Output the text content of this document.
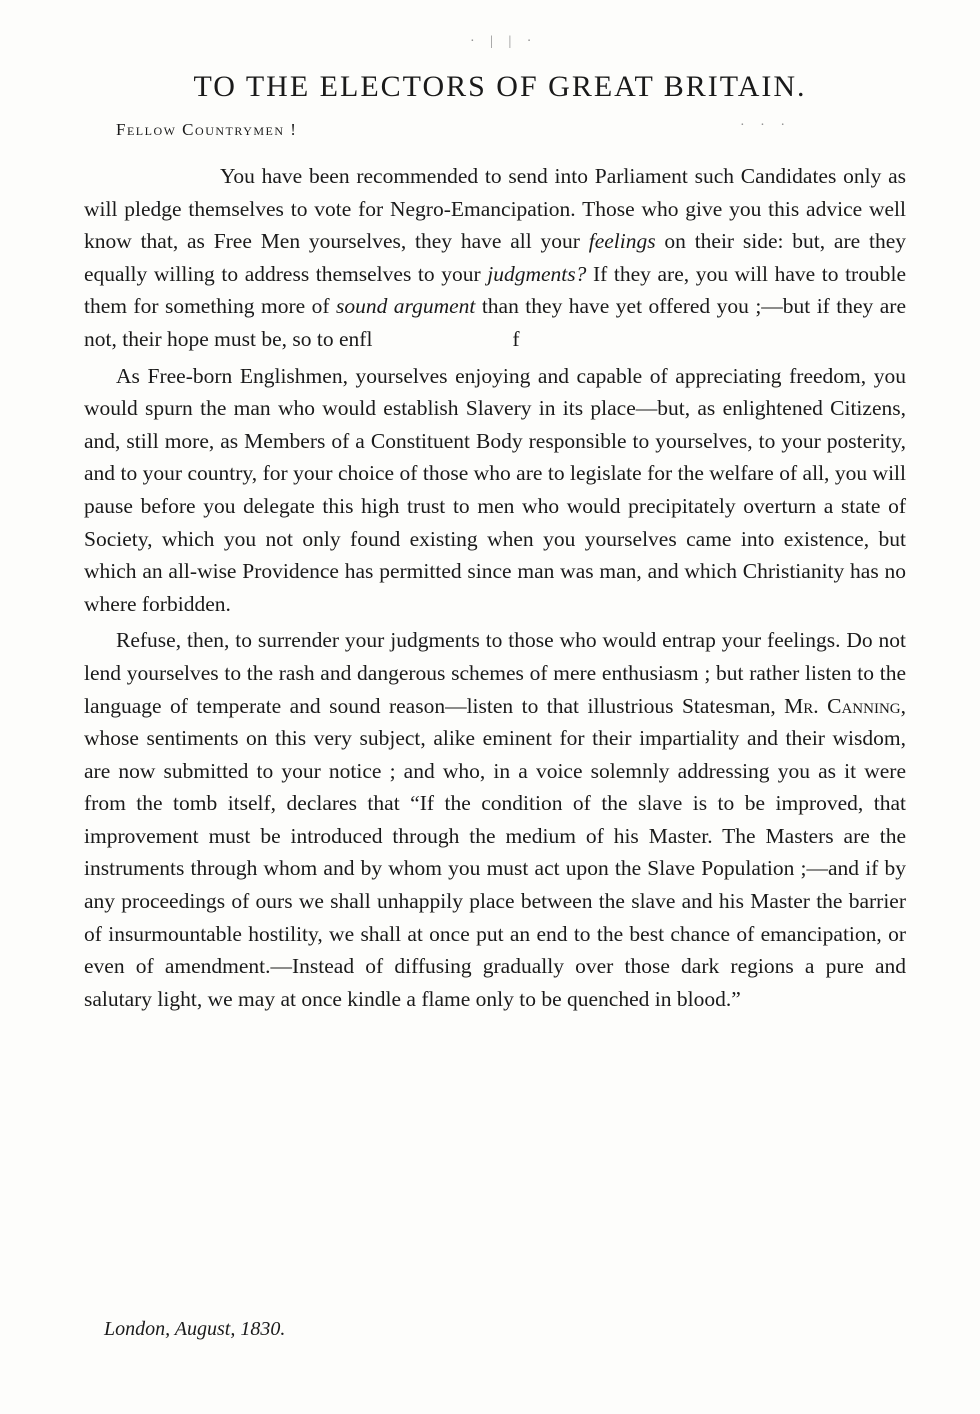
· | | ·
· · ·
TO THE ELECTORS OF GREAT BRITAIN.
Fellow Countrymen !

You have been recommended to send into Parliament such Candidates only as will pledge themselves to vote for Negro-Emancipation. Those who give you this advice well know that, as Free Men yourselves, they have all your feelings on their side: but, are they equally willing to address themselves to your judgments? If they are, you will have to trouble them for something more of sound argument than they have yet offered you ;—but if they are not, their hope must be, so to enfl	f

As Free-born Englishmen, yourselves enjoying and capable of appreciating freedom, you would spurn the man who would establish Slavery in its place—but, as enlightened Citizens, and, still more, as Members of a Constituent Body responsible to yourselves, to your posterity, and to your country, for your choice of those who are to legislate for the welfare of all, you will pause before you delegate this high trust to men who would precipitately overturn a state of Society, which you not only found existing when you yourselves came into existence, but which an all-wise Providence has permitted since man was man, and which Christianity has no where forbidden.

Refuse, then, to surrender your judgments to those who would entrap your feelings. Do not lend yourselves to the rash and dangerous schemes of mere enthusiasm ; but rather listen to the language of temperate and sound reason—listen to that illustrious Statesman, Mr. Canning, whose sentiments on this very subject, alike eminent for their impartiality and their wisdom, are now submitted to your notice ; and who, in a voice solemnly addressing you as it were from the tomb itself, declares that “If the condition of the slave is to be improved, that improvement must be introduced through the medium of his Master. The Masters are the instruments through whom and by whom you must act upon the Slave Population ;—and if by any proceedings of ours we shall unhappily place between the slave and his Master the barrier of insurmountable hostility, we shall at once put an end to the best chance of emancipation, or even of amendment.—Instead of diffusing gradually over those dark regions a pure and salutary light, we may at once kindle a flame only to be quenched in blood.”

London, August, 1830.
